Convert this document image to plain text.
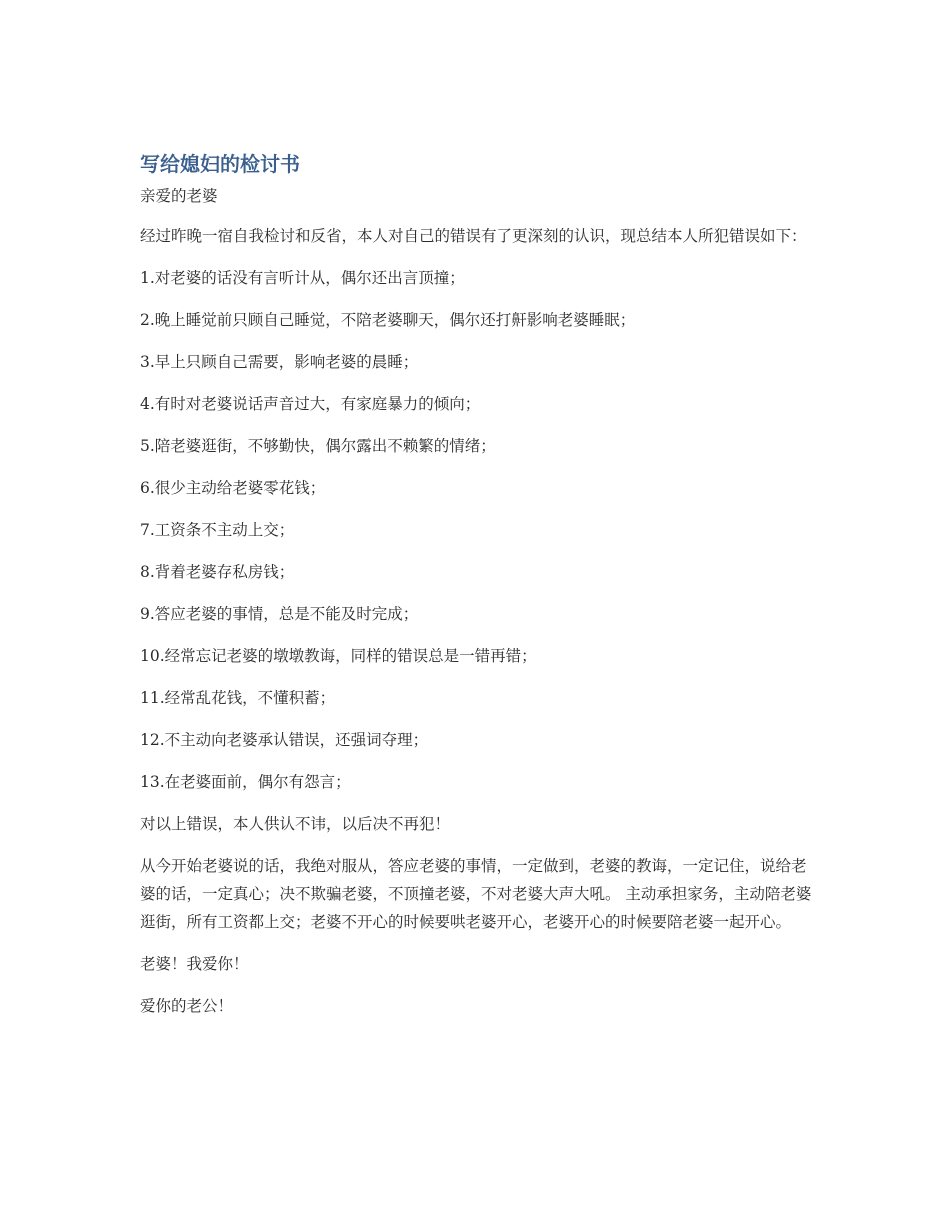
写给媳妇的检讨书

亲爱的老婆

经过昨晚一宿自我检讨和反省，本人对自己的错误有了更深刻的认识，现总结本人所犯错误如下：

1.对老婆的话没有言听计从，偶尔还出言顶撞；
2.晚上睡觉前只顾自己睡觉，不陪老婆聊天，偶尔还打鼾影响老婆睡眠；
3.早上只顾自己需要，影响老婆的晨睡；
4.有时对老婆说话声音过大，有家庭暴力的倾向；
5.陪老婆逛街，不够勤快，偶尔露出不赖繁的情绪；
6.很少主动给老婆零花钱；
7.工资条不主动上交；
8.背着老婆存私房钱；
9.答应老婆的事情，总是不能及时完成；
10.经常忘记老婆的墩墩教诲，同样的错误总是一错再错；
11.经常乱花钱，不懂积蓄；
12.不主动向老婆承认错误，还强词夺理；
13.在老婆面前，偶尔有怨言；

对以上错误，本人供认不讳，以后决不再犯！

从今开始老婆说的话，我绝对服从，答应老婆的事情，一定做到，老婆的教诲，一定记住，说给老婆的话，一定真心；决不欺骗老婆，不顶撞老婆，不对老婆大声大吼。 主动承担家务，主动陪老婆逛街，所有工资都上交；老婆不开心的时候要哄老婆开心，老婆开心的时候要陪老婆一起开心。

老婆！我爱你！

爱你的老公！
